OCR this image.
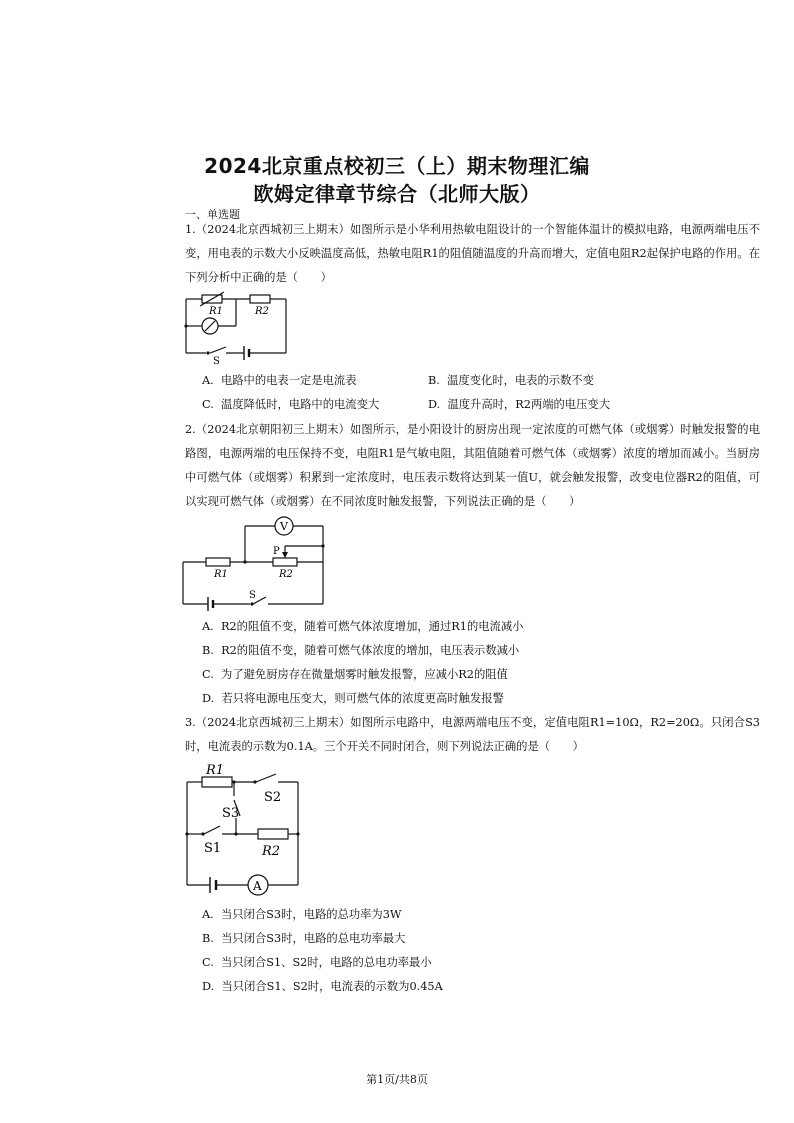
2024北京重点校初三（上）期末物理汇编
欧姆定律章节综合（北师大版）
一、单选题
1.（2024北京西城初三上期末）如图所示是小华利用热敏电阻设计的一个智能体温计的模拟电路，电源两端电压不变，用电表的示数大小反映温度高低，热敏电阻R1的阻值随温度的升高而增大，定值电阻R2起保护电路的作用。在下列分析中正确的是（　　）
R1	R2
S
A. 电路中的电表一定是电流表	B. 温度变化时，电表的示数不变
C. 温度降低时，电路中的电流变大	D. 温度升高时，R2两端的电压变大
2.（2024北京朝阳初三上期末）如图所示，是小阳设计的厨房出现一定浓度的可燃气体（或烟雾）时触发报警的电路图，电源两端的电压保持不变，电阻R1是气敏电阻，其阻值随着可燃气体（或烟雾）浓度的增加而减小。当厨房中可燃气体（或烟雾）积累到一定浓度时，电压表示数将达到某一值U，就会触发报警，改变电位器R2的阻值，可以实现可燃气体（或烟雾）在不同浓度时触发报警，下列说法正确的是（　　）
V
P
R1	R2
S
A. R2的阻值不变，随着可燃气体浓度增加，通过R1的电流减小
B. R2的阻值不变，随着可燃气体浓度的增加，电压表示数减小
C. 为了避免厨房存在微量烟雾时触发报警，应减小R2的阻值
D. 若只将电源电压变大，则可燃气体的浓度更高时触发报警
3.（2024北京西城初三上期末）如图所示电路中，电源两端电压不变，定值电阻R1=10Ω，R2=20Ω。只闭合S3时，电流表的示数为0.1A。三个开关不同时闭合，则下列说法正确的是（　　）
R1
S2
S3
S1	R2
A
A. 当只闭合S3时，电路的总功率为3W
B. 当只闭合S3时，电路的总电功率最大
C. 当只闭合S1、S2时，电路的总电功率最小
D. 当只闭合S1、S2时，电流表的示数为0.45A
第1页/共8页
